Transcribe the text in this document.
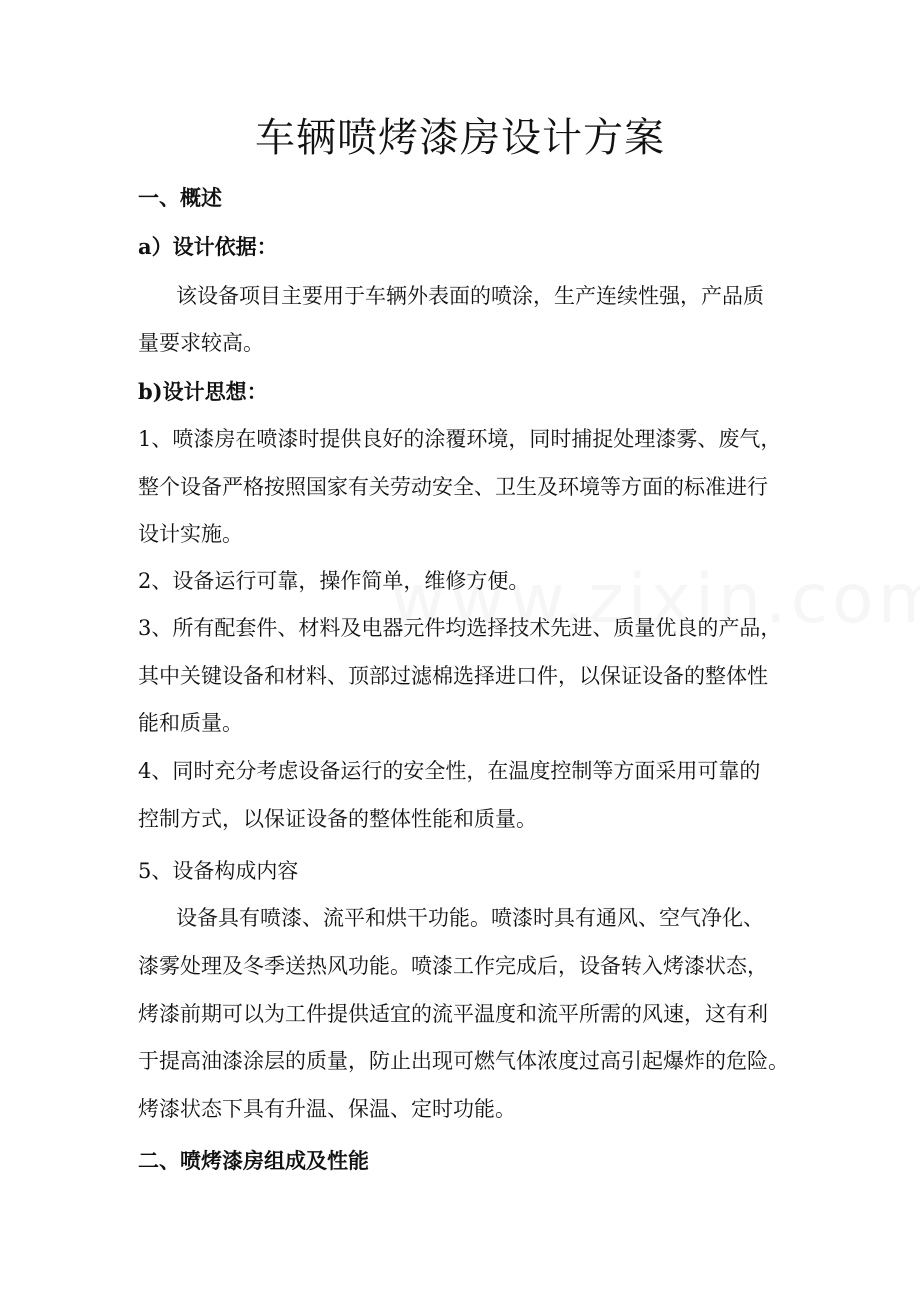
车辆喷烤漆房设计方案

一、概述

a）设计依据：

该设备项目主要用于车辆外表面的喷涂，生产连续性强，产品质

量要求较高。

b)设计思想：

1、喷漆房在喷漆时提供良好的涂覆环境，同时捕捉处理漆雾、废气，

整个设备严格按照国家有关劳动安全、卫生及环境等方面的标准进行

设计实施。

2、设备运行可靠，操作简单，维修方便。

3、所有配套件、材料及电器元件均选择技术先进、质量优良的产品，

其中关键设备和材料、顶部过滤棉选择进口件，以保证设备的整体性

能和质量。

4、同时充分考虑设备运行的安全性，在温度控制等方面采用可靠的

控制方式，以保证设备的整体性能和质量。

5、设备构成内容

设备具有喷漆、流平和烘干功能。喷漆时具有通风、空气净化、

漆雾处理及冬季送热风功能。喷漆工作完成后，设备转入烤漆状态，

烤漆前期可以为工件提供适宜的流平温度和流平所需的风速，这有利

于提高油漆涂层的质量，防止出现可燃气体浓度过高引起爆炸的危险。

烤漆状态下具有升温、保温、定时功能。

二、喷烤漆房组成及性能
